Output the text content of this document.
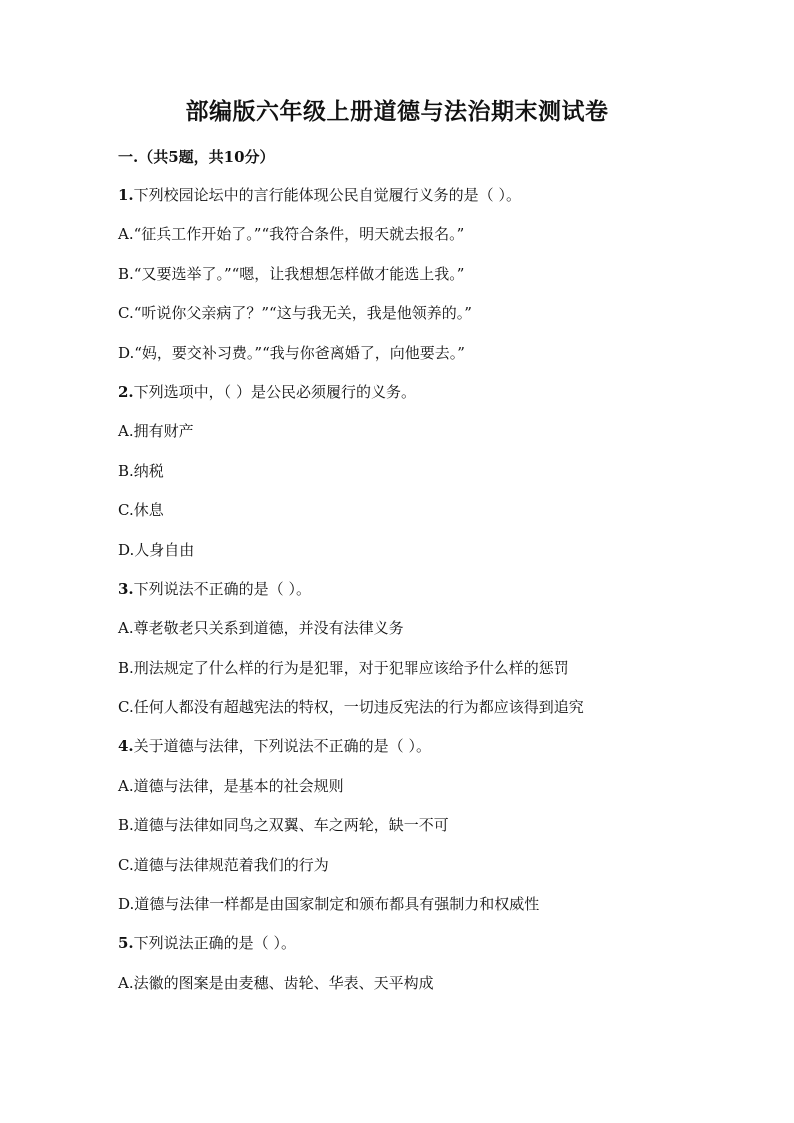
部编版六年级上册道德与法治期末测试卷
一.（共5题，共10分）
1.下列校园论坛中的言行能体现公民自觉履行义务的是（ ）。
A.“征兵工作开始了。”“我符合条件，明天就去报名。”
B.“又要选举了。”“嗯，让我想想怎样做才能选上我。”
C.“听说你父亲病了？”“这与我无关，我是他领养的。”
D.“妈，要交补习费。”“我与你爸离婚了，向他要去。”
2.下列选项中，（ ）是公民必须履行的义务。
A.拥有财产
B.纳税
C.休息
D.人身自由
3.下列说法不正确的是（ ）。
A.尊老敬老只关系到道德，并没有法律义务
B.刑法规定了什么样的行为是犯罪，对于犯罪应该给予什么样的惩罚
C.任何人都没有超越宪法的特权，一切违反宪法的行为都应该得到追究
4.关于道德与法律，下列说法不正确的是（ ）。
A.道德与法律，是基本的社会规则
B.道德与法律如同鸟之双翼、车之两轮，缺一不可
C.道德与法律规范着我们的行为
D.道德与法律一样都是由国家制定和颁布都具有强制力和权威性
5.下列说法正确的是（ ）。
A.法徽的图案是由麦穗、齿轮、华表、天平构成
